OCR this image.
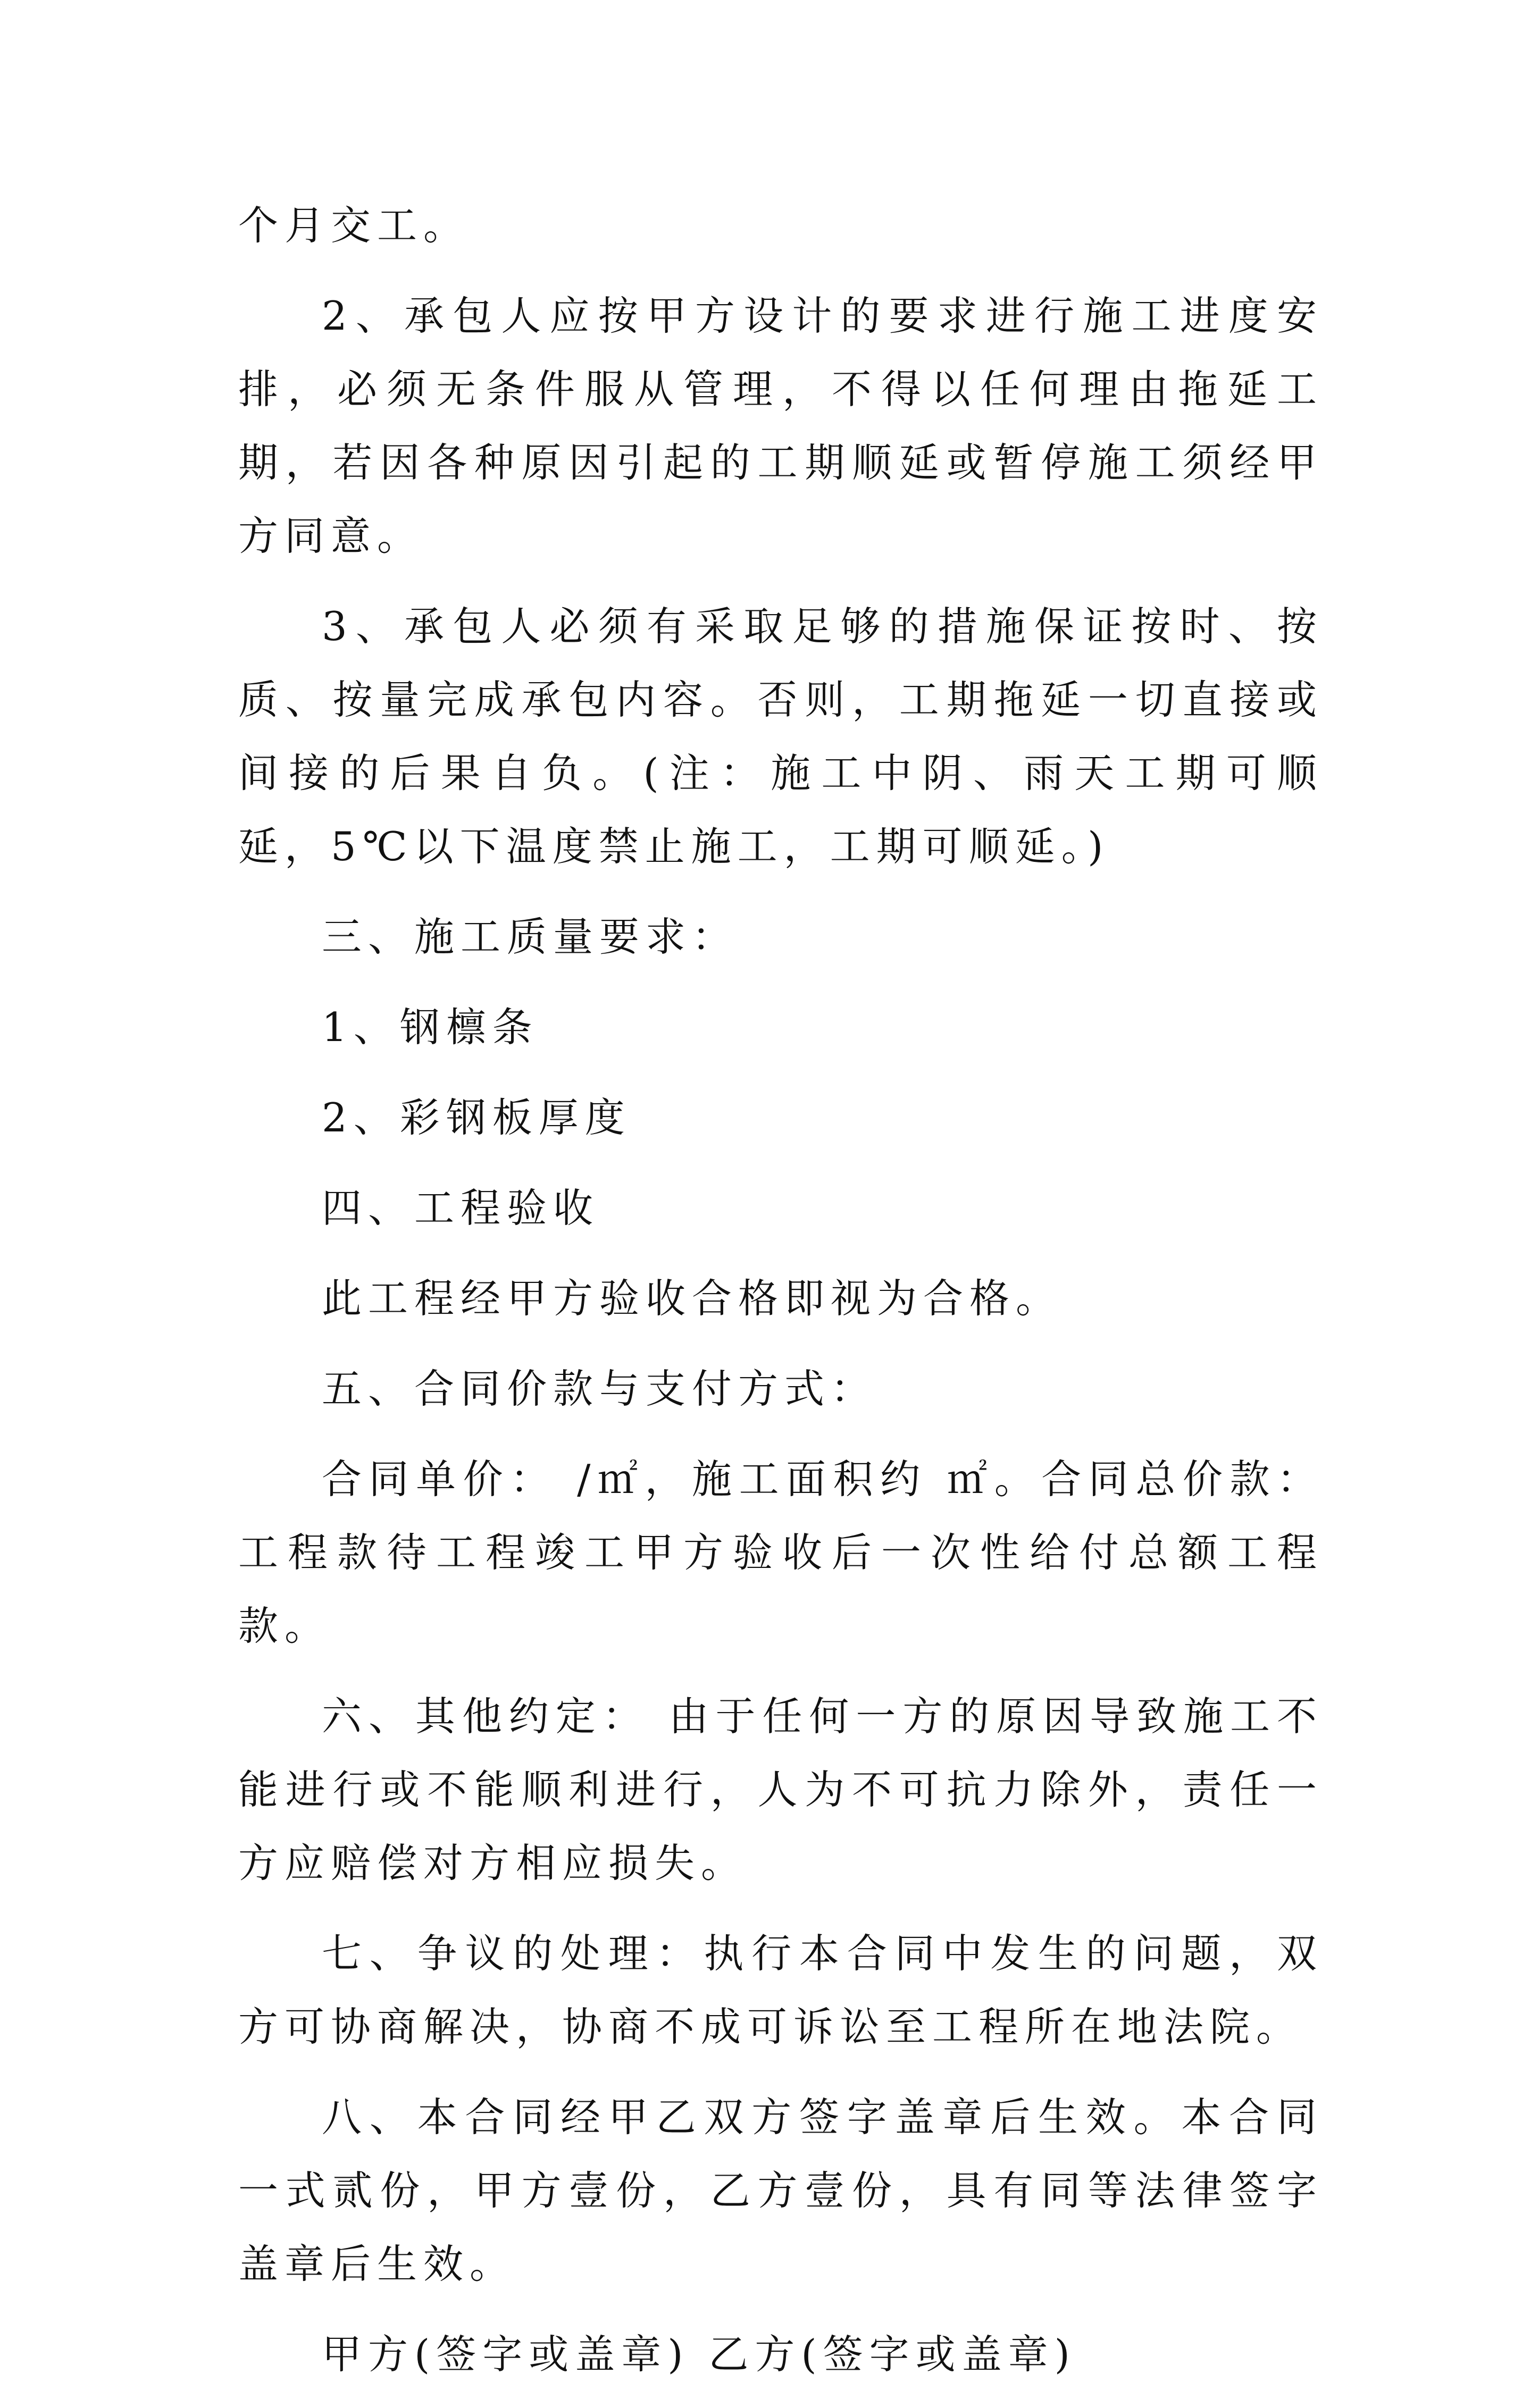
个月交工。

2、承包人应按甲方设计的要求进行施工进度安排，必须无条件服从管理，不得以任何理由拖延工期，若因各种原因引起的工期顺延或暂停施工须经甲方同意。

3、承包人必须有采取足够的措施保证按时、按质、按量完成承包内容。否则，工期拖延一切直接或间接的后果自负。(注：施工中阴、雨天工期可顺延，5℃以下温度禁止施工，工期可顺延。)

三、施工质量要求：

1、钢檩条

2、彩钢板厚度

四、工程验收

此工程经甲方验收合格即视为合格。

五、合同价款与支付方式：

合同单价： /㎡，施工面积约 ㎡。合同总价款： 工程款待工程竣工甲方验收后一次性给付总额工程款。

六、其他约定： 由于任何一方的原因导致施工不能进行或不能顺利进行，人为不可抗力除外，责任一方应赔偿对方相应损失。

七、争议的处理：执行本合同中发生的问题，双方可协商解决，协商不成可诉讼至工程所在地法院。

八、本合同经甲乙双方签字盖章后生效。本合同一式贰份，甲方壹份，乙方壹份，具有同等法律签字盖章后生效。

甲方(签字或盖章) 乙方(签字或盖章)
